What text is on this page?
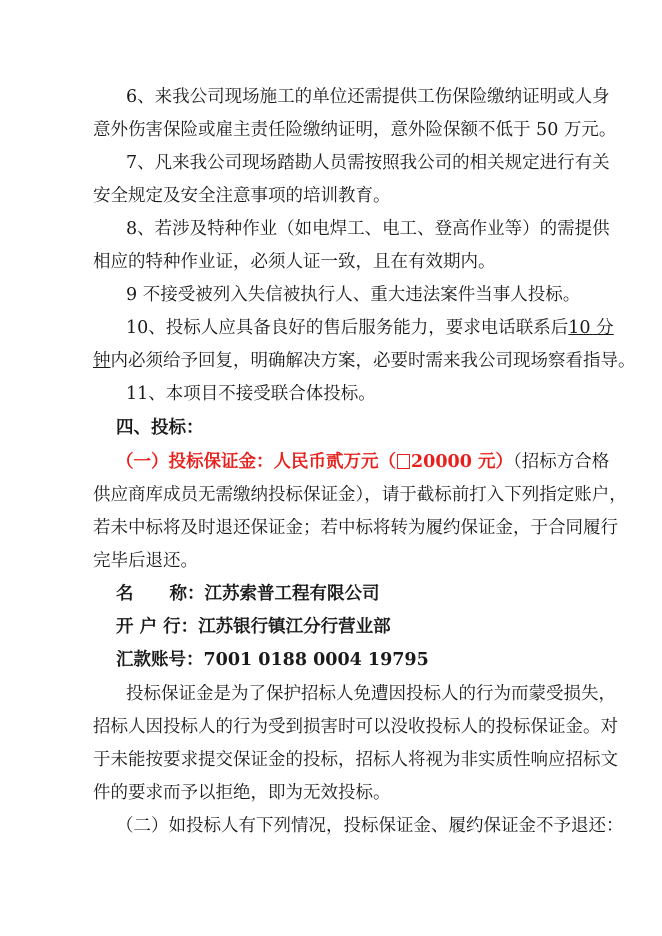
6、来我公司现场施工的单位还需提供工伤保险缴纳证明或人身
意外伤害保险或雇主责任险缴纳证明，意外险保额不低于 50 万元。
7、凡来我公司现场踏勘人员需按照我公司的相关规定进行有关
安全规定及安全注意事项的培训教育。
8、若涉及特种作业（如电焊工、电工、登高作业等）的需提供
相应的特种作业证，必须人证一致，且在有效期内。
9 不接受被列入失信被执行人、重大违法案件当事人投标。
10、投标人应具备良好的售后服务能力，要求电话联系后10 分
钟内必须给予回复，明确解决方案，必要时需来我公司现场察看指导。
11、本项目不接受联合体投标。
四、投标：
（一）投标保证金：人民币贰万元（ 20000 元）（招标方合格
供应商库成员无需缴纳投标保证金），请于截标前打入下列指定账户，
若未中标将及时退还保证金；若中标将转为履约保证金，于合同履行
完毕后退还。
名 称：江苏索普工程有限公司
开 户 行：江苏银行镇江分行营业部
汇款账号：7001 0188 0004 19795
投标保证金是为了保护招标人免遭因投标人的行为而蒙受损失，
招标人因投标人的行为受到损害时可以没收投标人的投标保证金。对
于未能按要求提交保证金的投标，招标人将视为非实质性响应招标文
件的要求而予以拒绝，即为无效投标。
（二）如投标人有下列情况，投标保证金、履约保证金不予退还：
